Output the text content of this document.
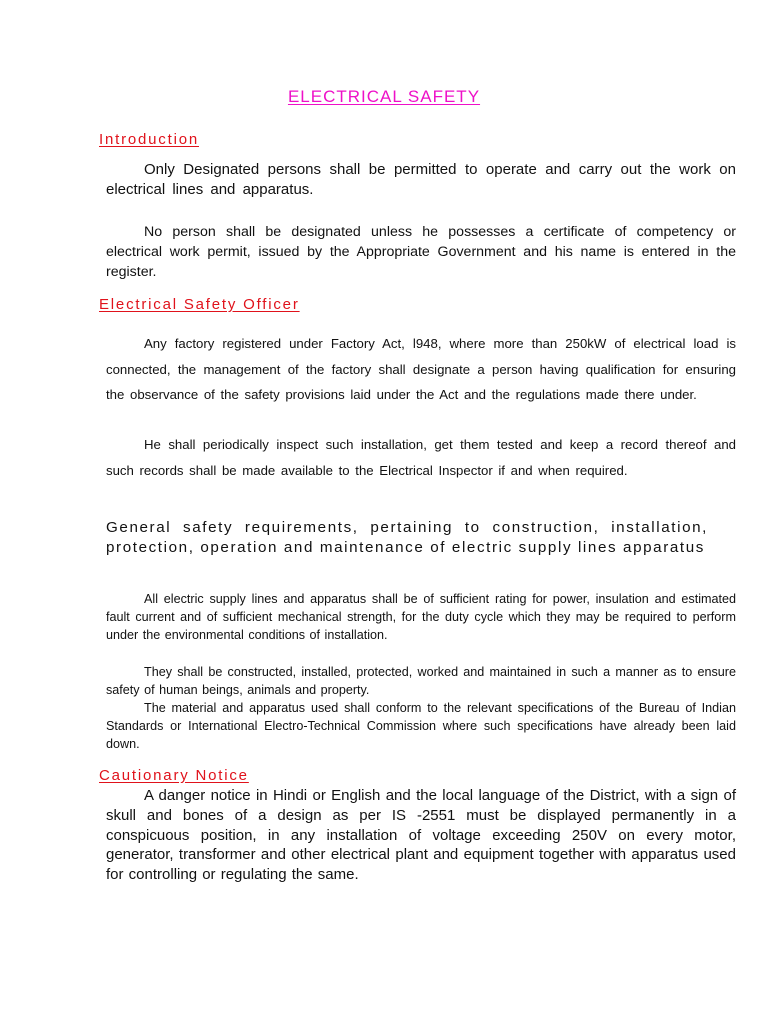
ELECTRICAL SAFETY
Introduction
Only Designated persons shall be permitted to operate and carry out the work on electrical lines and apparatus.
No person shall be designated unless he possesses a certificate of competency or electrical work permit, issued by the Appropriate Government and his name is entered in the register.
Electrical Safety Officer
Any factory registered under Factory Act, l948, where more than 250kW of electrical load is connected, the management of the factory shall designate a person having qualification for ensuring the observance of the safety provisions laid under the Act and the regulations made there under.
He shall periodically inspect such installation, get them tested and keep a record thereof and such records shall be made available to the Electrical Inspector if and when required.
General safety requirements, pertaining to construction, installation, protection, operation and maintenance of electric supply lines apparatus
All electric supply lines and apparatus shall be of sufficient rating for power, insulation and estimated fault current and of sufficient mechanical strength, for the duty cycle which they may be required to perform under the environmental conditions of installation.
They shall be constructed, installed, protected, worked and maintained in such a manner as to ensure safety of human beings, animals and property.
The material and apparatus used shall conform to the relevant specifications of the Bureau of Indian Standards or International Electro-Technical Commission where such specifications have already been laid down.
Cautionary Notice
A danger notice in Hindi or English and the local language of the District, with a sign of skull and bones of a design as per IS -2551 must be displayed permanently in a conspicuous position, in any installation of voltage exceeding 250V on every motor, generator, transformer and other electrical plant and equipment together with apparatus used for controlling or regulating the same.
